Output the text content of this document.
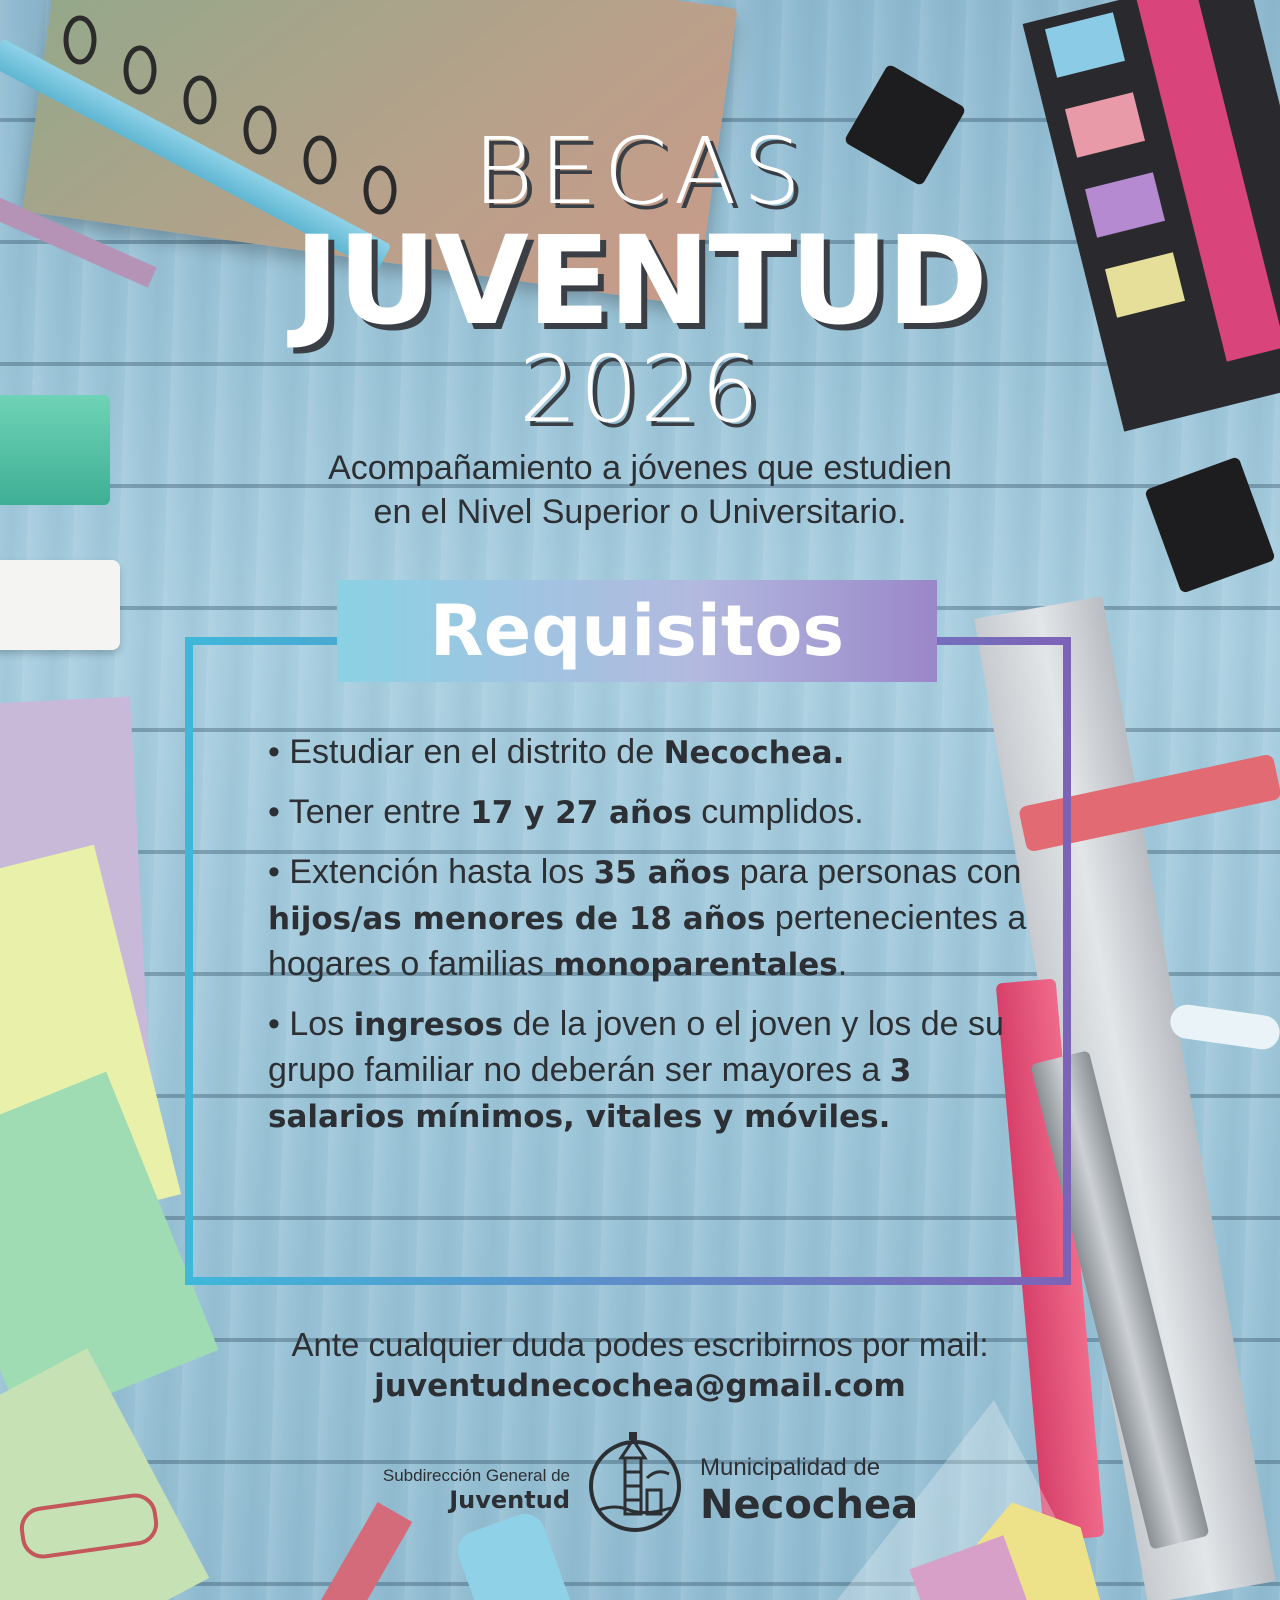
BECAS
JUVENTUD
2026
Acompañamiento a jóvenes que estudien
en el Nivel Superior o Universitario.
Requisitos
• Estudiar en el distrito de Necochea.
• Tener entre 17 y 27 años cumplidos.
• Extención hasta los 35 años para personas con hijos/as menores de 18 años pertenecientes a hogares o familias monoparentales.
• Los ingresos de la joven o el joven y los de su grupo familiar no deberán ser mayores a 3 salarios mínimos, vitales y móviles.
Ante cualquier duda podes escribirnos por mail:
juventudnecochea@gmail.com
Subdirección General de
Juventud
Municipalidad de
Necochea
